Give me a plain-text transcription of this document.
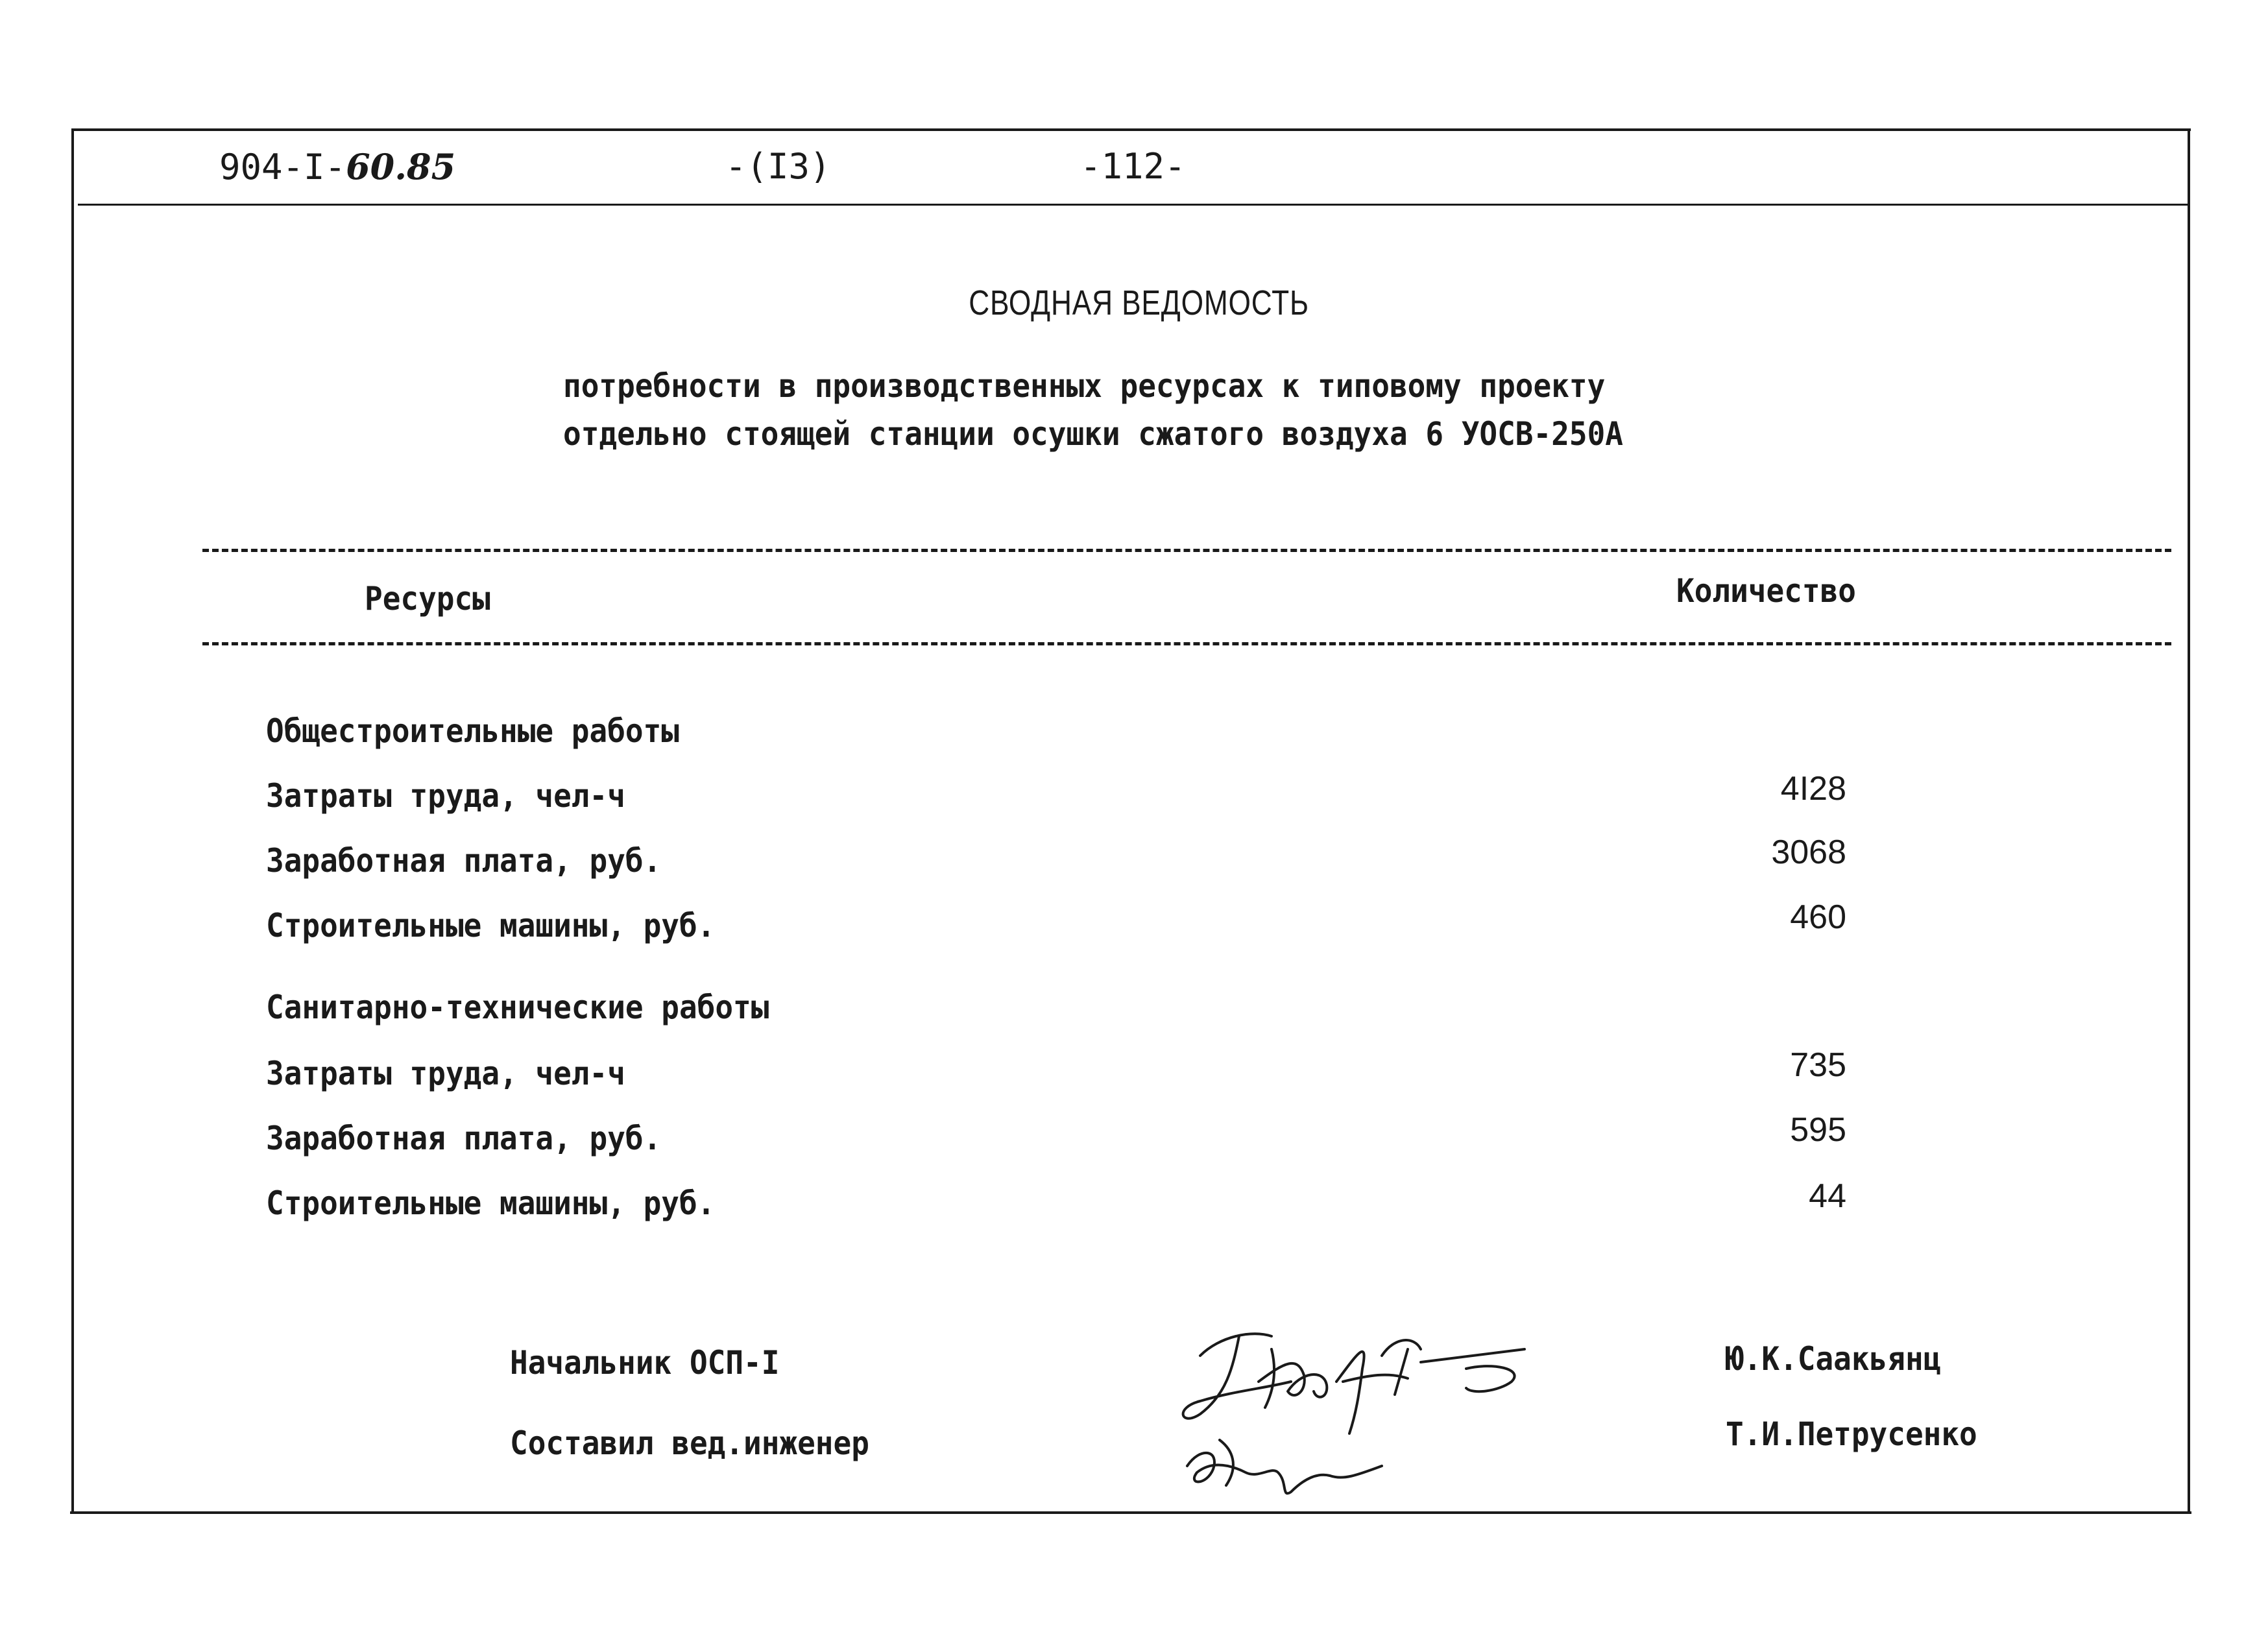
904-I-60.85	-(I3)	-112-
СВОДНАЯ ВЕДОМОСТЬ
потребности в производственных ресурсах к типовому проекту
отдельно стоящей станции осушки сжатого воздуха 6 УОСВ-250А
Ресурсы	Количество
Общестроительные работы
Затраты труда, чел-ч	4I28
Заработная плата, руб.	3068
Строительные машины, руб.	460
Санитарно-технические работы
Затраты труда, чел-ч	735
Заработная плата, руб.	595
Строительные машины, руб.	44
Начальник ОСП-I
Составил вед.инженер
Ю.К.Саакьянц
Т.И.Петрусенко
